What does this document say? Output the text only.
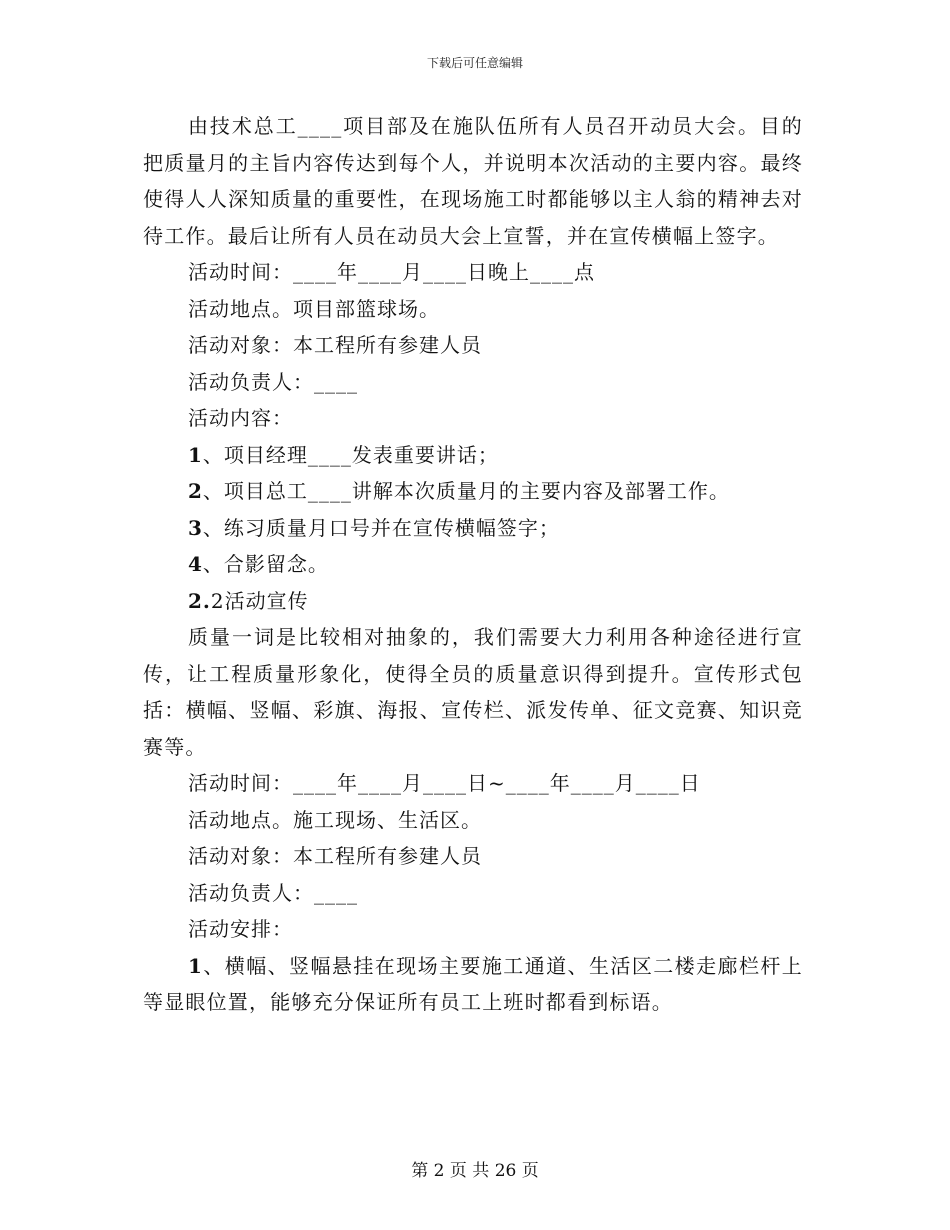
下载后可任意编辑

由技术总工____项目部及在施队伍所有人员召开动员大会。目的把质量月的主旨内容传达到每个人，并说明本次活动的主要内容。最终使得人人深知质量的重要性，在现场施工时都能够以主人翁的精神去对待工作。最后让所有人员在动员大会上宣誓，并在宣传横幅上签字。

活动时间：____年____月____日晚上____点

活动地点。项目部篮球场。

活动对象：本工程所有参建人员

活动负责人：____

活动内容：

1、项目经理____发表重要讲话；

2、项目总工____讲解本次质量月的主要内容及部署工作。

3、练习质量月口号并在宣传横幅签字；

4、合影留念。

2.2活动宣传

质量一词是比较相对抽象的，我们需要大力利用各种途径进行宣传，让工程质量形象化，使得全员的质量意识得到提升。宣传形式包括：横幅、竖幅、彩旗、海报、宣传栏、派发传单、征文竞赛、知识竞赛等。

活动时间：____年____月____日~____年____月____日

活动地点。施工现场、生活区。

活动对象：本工程所有参建人员

活动负责人：____

活动安排：

1、横幅、竖幅悬挂在现场主要施工通道、生活区二楼走廊栏杆上等显眼位置，能够充分保证所有员工上班时都看到标语。

第 2 页 共 26 页
